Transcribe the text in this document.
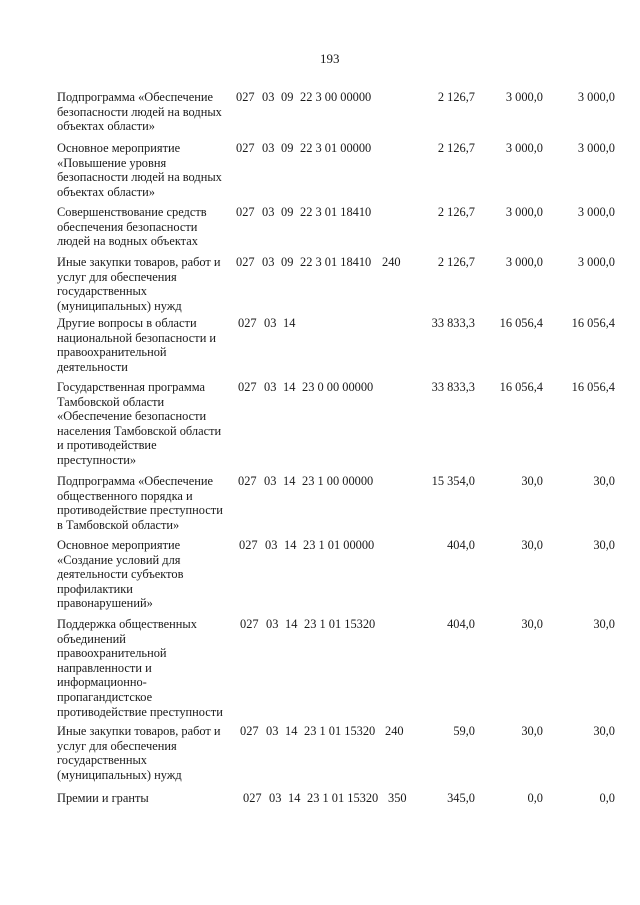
193
Подпрограмма «Обеспечение
безопасности людей на водных
объектах области»
027 03 09 22 3 00 00000	2 126,7	3 000,0	3 000,0
Основное мероприятие
«Повышение уровня
безопасности людей на водных
объектах области»
027 03 09 22 3 01 00000	2 126,7	3 000,0	3 000,0
Совершенствование средств
обеспечения безопасности
людей на водных объектах
027 03 09 22 3 01 18410	2 126,7	3 000,0	3 000,0
Иные закупки товаров, работ и
услуг для обеспечения
государственных
(муниципальных) нужд
027 03 09 22 3 01 18410 240	2 126,7	3 000,0	3 000,0
Другие вопросы в области
национальной безопасности и
правоохранительной
деятельности
027 03 14	33 833,3	16 056,4	16 056,4
Государственная программа
Тамбовской области
«Обеспечение безопасности
населения Тамбовской области
и противодействие
преступности»
027 03 14 23 0 00 00000	33 833,3	16 056,4	16 056,4
Подпрограмма «Обеспечение
общественного порядка и
противодействие преступности
в Тамбовской области»
027 03 14 23 1 00 00000	15 354,0	30,0	30,0
Основное мероприятие
«Создание условий для
деятельности субъектов
профилактики
правонарушений»
027 03 14 23 1 01 00000	404,0	30,0	30,0
Поддержка общественных
объединений
правоохранительной
направленности и
информационно-
пропагандистское
противодействие преступности
027 03 14 23 1 01 15320	404,0	30,0	30,0
Иные закупки товаров, работ и
услуг для обеспечения
государственных
(муниципальных) нужд
027 03 14 23 1 01 15320 240	59,0	30,0	30,0
Премии и гранты	027 03 14 23 1 01 15320 350	345,0	0,0	0,0
